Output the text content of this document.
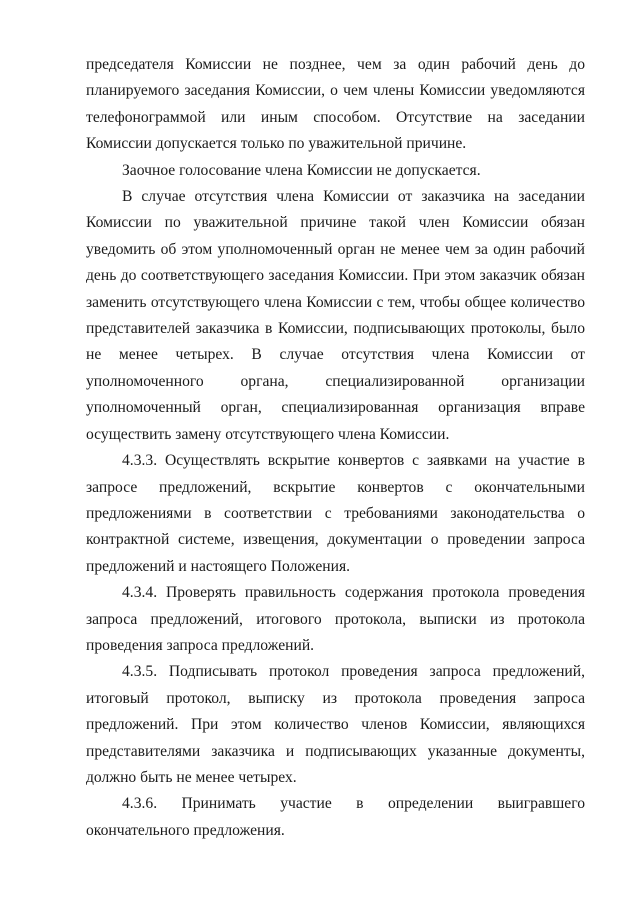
председателя Комиссии не позднее, чем за один рабочий день до планируемого заседания Комиссии, о чем члены Комиссии уведомляются телефонограммой или иным способом. Отсутствие на заседании Комиссии допускается только по уважительной причине.

Заочное голосование члена Комиссии не допускается.

В случае отсутствия члена Комиссии от заказчика на заседании Комиссии по уважительной причине такой член Комиссии обязан уведомить об этом уполномоченный орган не менее чем за один рабочий день до соответствующего заседания Комиссии. При этом заказчик обязан заменить отсутствующего члена Комиссии с тем, чтобы общее количество представителей заказчика в Комиссии, подписывающих протоколы, было не менее четырех. В случае отсутствия члена Комиссии от уполномоченного органа, специализированной организации уполномоченный орган, специализированная организация вправе осуществить замену отсутствующего члена Комиссии.

4.3.3. Осуществлять вскрытие конвертов с заявками на участие в запросе предложений, вскрытие конвертов с окончательными предложениями в соответствии с требованиями законодательства о контрактной системе, извещения, документации о проведении запроса предложений и настоящего Положения.

4.3.4. Проверять правильность содержания протокола проведения запроса предложений, итогового протокола, выписки из протокола проведения запроса предложений.

4.3.5. Подписывать протокол проведения запроса предложений, итоговый протокол, выписку из протокола проведения запроса предложений. При этом количество членов Комиссии, являющихся представителями заказчика и подписывающих указанные документы, должно быть не менее четырех.

4.3.6. Принимать участие в определении выигравшего окончательного предложения.
